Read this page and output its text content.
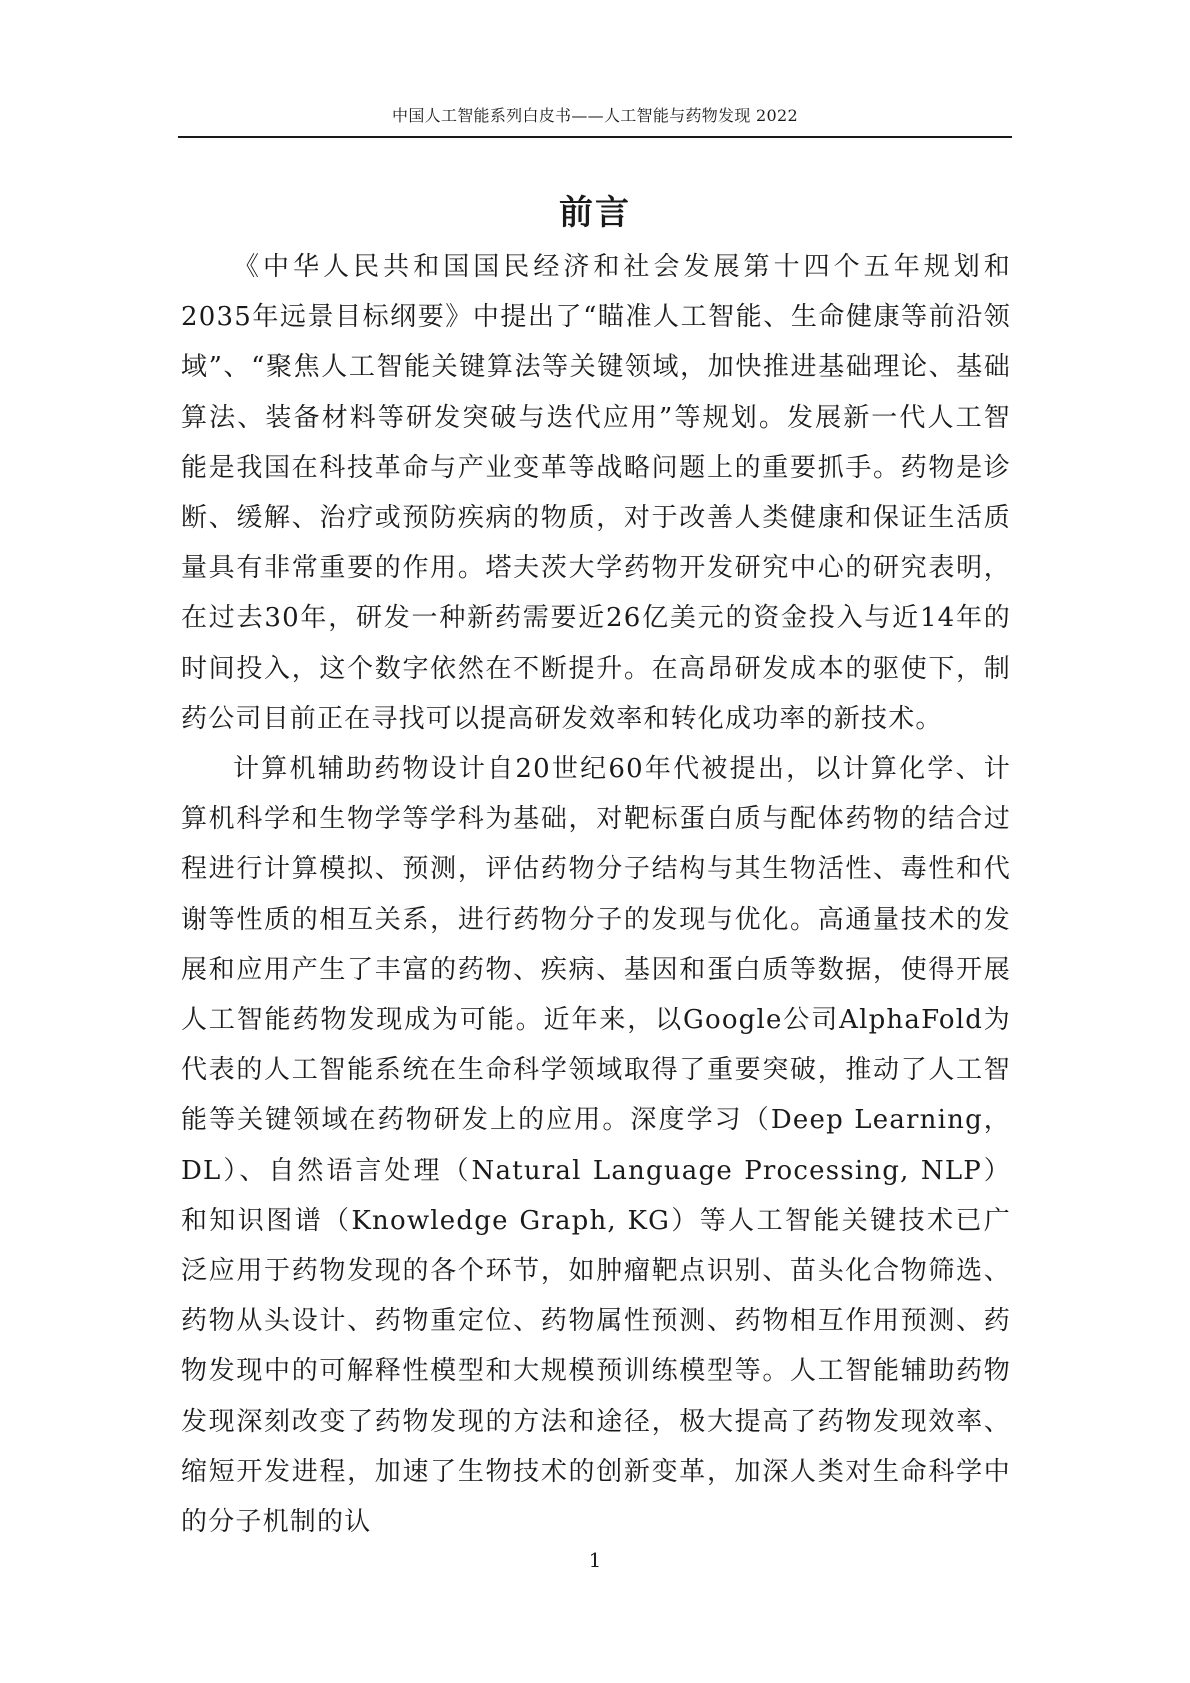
中国人工智能系列白皮书——人工智能与药物发现 2022
前言

《中华人民共和国国民经济和社会发展第十四个五年规划和2035年远景目标纲要》中提出了“瞄准人工智能、生命健康等前沿领域”、“聚焦人工智能关键算法等关键领域，加快推进基础理论、基础算法、装备材料等研发突破与迭代应用”等规划。发展新一代人工智能是我国在科技革命与产业变革等战略问题上的重要抓手。药物是诊断、缓解、治疗或预防疾病的物质，对于改善人类健康和保证生活质量具有非常重要的作用。塔夫茨大学药物开发研究中心的研究表明，在过去30年，研发一种新药需要近26亿美元的资金投入与近14年的时间投入，这个数字依然在不断提升。在高昂研发成本的驱使下，制药公司目前正在寻找可以提高研发效率和转化成功率的新技术。

计算机辅助药物设计自20世纪60年代被提出，以计算化学、计算机科学和生物学等学科为基础，对靶标蛋白质与配体药物的结合过程进行计算模拟、预测，评估药物分子结构与其生物活性、毒性和代谢等性质的相互关系，进行药物分子的发现与优化。高通量技术的发展和应用产生了丰富的药物、疾病、基因和蛋白质等数据，使得开展人工智能药物发现成为可能。近年来，以Google公司AlphaFold为代表的人工智能系统在生命科学领域取得了重要突破，推动了人工智能等关键领域在药物研发上的应用。深度学习（Deep Learning，DL）、自然语言处理（Natural Language Processing, NLP）和知识图谱（Knowledge Graph, KG）等人工智能关键技术已广泛应用于药物发现的各个环节，如肿瘤靶点识别、苗头化合物筛选、药物从头设计、药物重定位、药物属性预测、药物相互作用预测、药物发现中的可解释性模型和大规模预训练模型等。人工智能辅助药物发现深刻改变了药物发现的方法和途径，极大提高了药物发现效率、缩短开发进程，加速了生物技术的创新变革，加深人类对生命科学中的分子机制的认

1
